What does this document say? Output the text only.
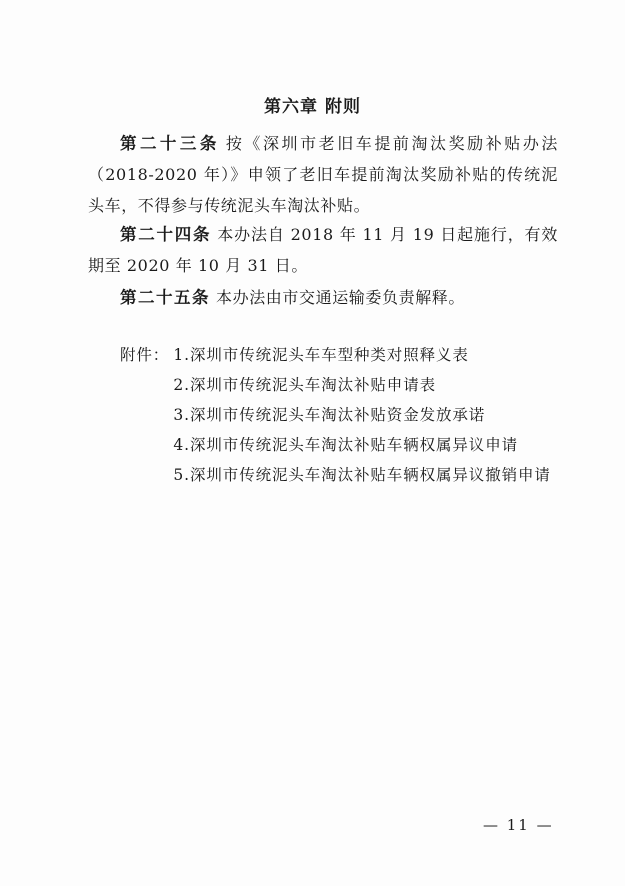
第六章 附则
第二十三条 按《深圳市老旧车提前淘汰奖励补贴办法（2018-2020 年）》申领了老旧车提前淘汰奖励补贴的传统泥头车，不得参与传统泥头车淘汰补贴。
第二十四条 本办法自 2018 年 11 月 19 日起施行，有效期至 2020 年 10 月 31 日。
第二十五条 本办法由市交通运输委负责解释。
附件： 1. 深圳市传统泥头车车型种类对照释义表
2. 深圳市传统泥头车淘汰补贴申请表
3. 深圳市传统泥头车淘汰补贴资金发放承诺
4. 深圳市传统泥头车淘汰补贴车辆权属异议申请
5. 深圳市传统泥头车淘汰补贴车辆权属异议撤销申请
— 11 —
